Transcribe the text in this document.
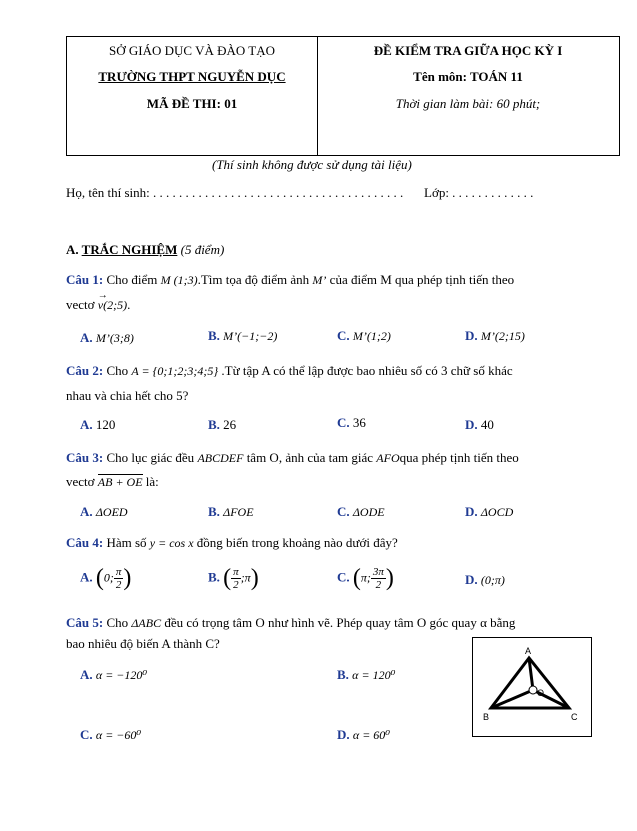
SỞ GIÁO DỤC VÀ ĐÀO TẠO
TRƯỜNG THPT NGUYỄN DỤC
MÃ ĐỀ THI: 01
ĐỀ KIỂM TRA GIỮA HỌC KỲ I
Tên môn: TOÁN 11
Thời gian làm bài: 60 phút;
(Thí sinh không được sử dụng tài liệu)
Họ, tên thí sinh: . . . . . . . . . . . . . . . . . . . . . . . . . . . . . . . . . . . . . . . Lớp: . . . . . . . . . . . . .
A. TRẮC NGHIỆM (5 điểm)
Câu 1: Cho điểm M (1;3).Tìm tọa độ điểm ảnh M’ của điểm M qua phép tịnh tiến theo
vectơ
→
v(2;5).
A. M’(3;8)	B. M’(−1;−2)	C. M’(1;2)	D. M’(2;15)
Câu 2: Cho A = {0;1;2;3;4;5} .Từ tập A có thể lập được bao nhiêu số có 3 chữ số khác
nhau và chia hết cho 5?
A. 120	B. 26	C. 36	D. 40
Câu 3: Cho lục giác đều ABCDEF tâm O, ảnh của tam giác AFOqua phép tịnh tiến theo
vectơ AB + OE là:
A. ΔOED	B. ΔFOE	C. ΔODE	D. ΔOCD
Câu 4: Hàm số y = cos x đồng biến trong khoảng nào dưới đây?
A. (0; $\frac{\pi}{2}$ )	B. ( $\frac{\pi}{2}$ ;π)	C. (π; $\frac{3\pi}{2}$ )	D. (0;π)
Câu 5: Cho ΔABC đều có trọng tâm O như hình vẽ. Phép quay tâm O góc quay α bằng
bao nhiêu độ biến A thành C?
A. α = −120⁰	B. α = 120⁰
C. α = −60⁰	D. α = 60⁰
A
B	C
O
